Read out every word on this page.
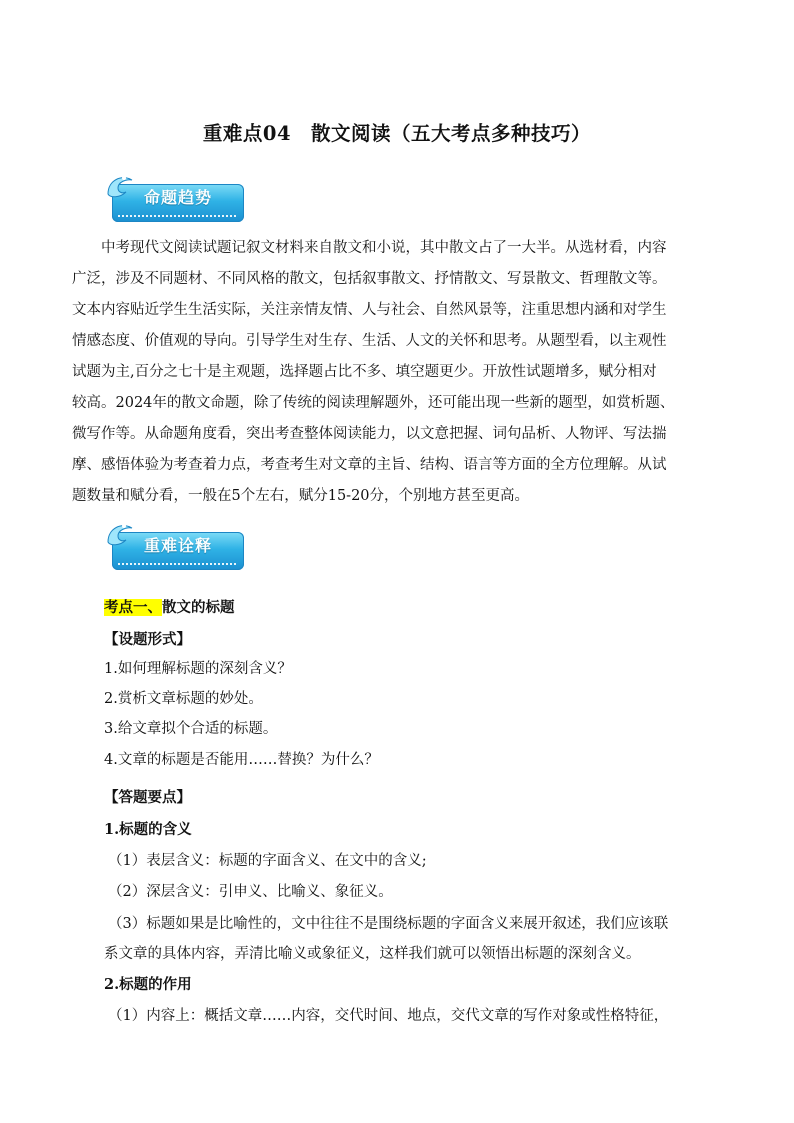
重难点04　散文阅读（五大考点多种技巧）
命题趋势
中考现代文阅读试题记叙文材料来自散文和小说，其中散文占了一大半。从选材看，内容
广泛，涉及不同题材、不同风格的散文，包括叙事散文、抒情散文、写景散文、哲理散文等。
文本内容贴近学生生活实际，关注亲情友情、人与社会、自然风景等，注重思想内涵和对学生
情感态度、价值观的导向。引导学生对生存、生活、人文的关怀和思考。从题型看，以主观性
试题为主,百分之七十是主观题，选择题占比不多、填空题更少。开放性试题增多，赋分相对
较高。2024年的散文命题，除了传统的阅读理解题外，还可能出现一些新的题型，如赏析题、
微写作等。从命题角度看，突出考查整体阅读能力，以文意把握、词句品析、人物评、写法揣
摩、感悟体验为考查着力点，考查考生对文章的主旨、结构、语言等方面的全方位理解。从试
题数量和赋分看，一般在5个左右，赋分15-20分，个别地方甚至更高。
重难诠释
考点一、散文的标题
【设题形式】
1.如何理解标题的深刻含义？
2.赏析文章标题的妙处。
3.给文章拟个合适的标题。
4.文章的标题是否能用……替换？为什么？
【答题要点】
1.标题的含义
（1）表层含义：标题的字面含义、在文中的含义;
（2）深层含义：引申义、比喻义、象征义。
（3）标题如果是比喻性的，文中往往不是围绕标题的字面含义来展开叙述，我们应该联
系文章的具体内容，弄清比喻义或象征义，这样我们就可以领悟出标题的深刻含义。
2.标题的作用
（1）内容上：概括文章……内容，交代时间、地点，交代文章的写作对象或性格特征，
